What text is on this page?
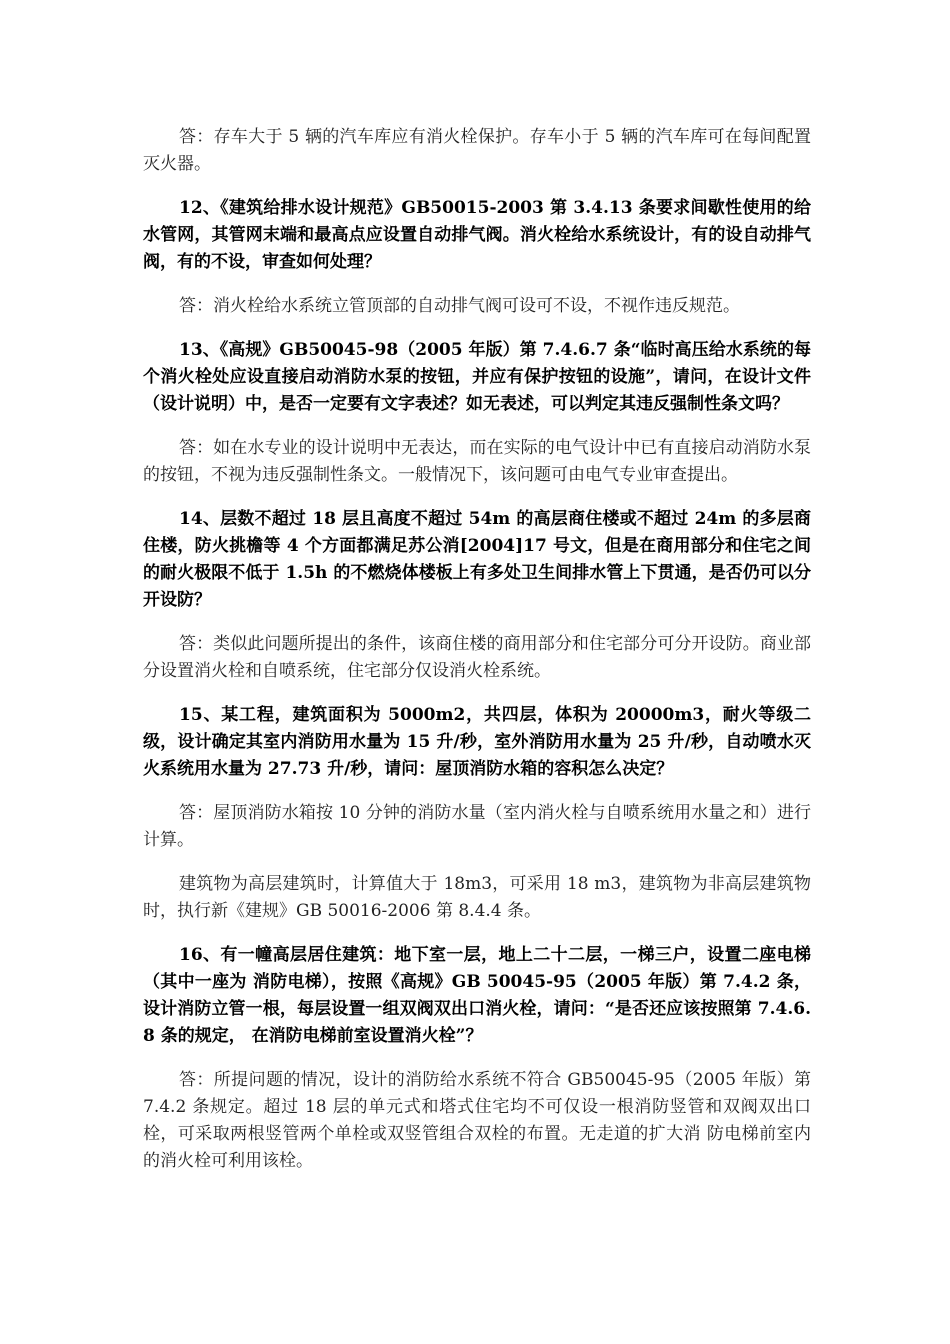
答：存车大于 5 辆的汽车库应有消火栓保护。存车小于 5 辆的汽车库可在每间配置灭火器。

12、《建筑给排水设计规范》GB50015-2003 第 3.4.13 条要求间歇性使用的给水管网，其管网末端和最高点应设置自动排气阀。消火栓给水系统设计，有的设自动排气阀，有的不设，审查如何处理？

答：消火栓给水系统立管顶部的自动排气阀可设可不设，不视作违反规范。

13、《高规》GB50045-98（2005 年版）第 7.4.6.7 条“临时高压给水系统的每个消火栓处应设直接启动消防水泵的按钮，并应有保护按钮的设施”，请问，在设计文件（设计说明）中，是否一定要有文字表述？如无表述，可以判定其违反强制性条文吗？

答：如在水专业的设计说明中无表达，而在实际的电气设计中已有直接启动消防水泵的按钮，不视为违反强制性条文。一般情况下，该问题可由电气专业审查提出。

14、层数不超过 18 层且高度不超过 54m 的高层商住楼或不超过 24m 的多层商住楼，防火挑檐等 4 个方面都满足苏公消[2004]17 号文，但是在商用部分和住宅之间的耐火极限不低于 1.5h 的不燃烧体楼板上有多处卫生间排水管上下贯通，是否仍可以分开设防？

答：类似此问题所提出的条件，该商住楼的商用部分和住宅部分可分开设防。商业部分设置消火栓和自喷系统，住宅部分仅设消火栓系统。

15、某工程，建筑面积为 5000m2，共四层，体积为 20000m3，耐火等级二级，设计确定其室内消防用水量为 15 升/秒，室外消防用水量为 25 升/秒，自动喷水灭火系统用水量为 27.73 升/秒，请问：屋顶消防水箱的容积怎么决定？

答：屋顶消防水箱按 10 分钟的消防水量（室内消火栓与自喷系统用水量之和）进行计算。

建筑物为高层建筑时，计算值大于 18m3，可采用 18 m3，建筑物为非高层建筑物时，执行新《建规》GB 50016-2006 第 8.4.4 条。

16、有一幢高层居住建筑：地下室一层，地上二十二层，一梯三户，设置二座电梯（其中一座为 消防电梯），按照《高规》GB 50045-95（2005 年版）第 7.4.2 条，设计消防立管一根，每层设置一组双阀双出口消火栓，请问：“是否还应该按照第 7.4.6.8 条的规定， 在消防电梯前室设置消火栓”？

答：所提问题的情况，设计的消防给水系统不符合 GB50045-95（2005 年版）第 7.4.2 条规定。超过 18 层的单元式和塔式住宅均不可仅设一根消防竖管和双阀双出口栓，可采取两根竖管两个单栓或双竖管组合双栓的布置。无走道的扩大消 防电梯前室内的消火栓可利用该栓。
